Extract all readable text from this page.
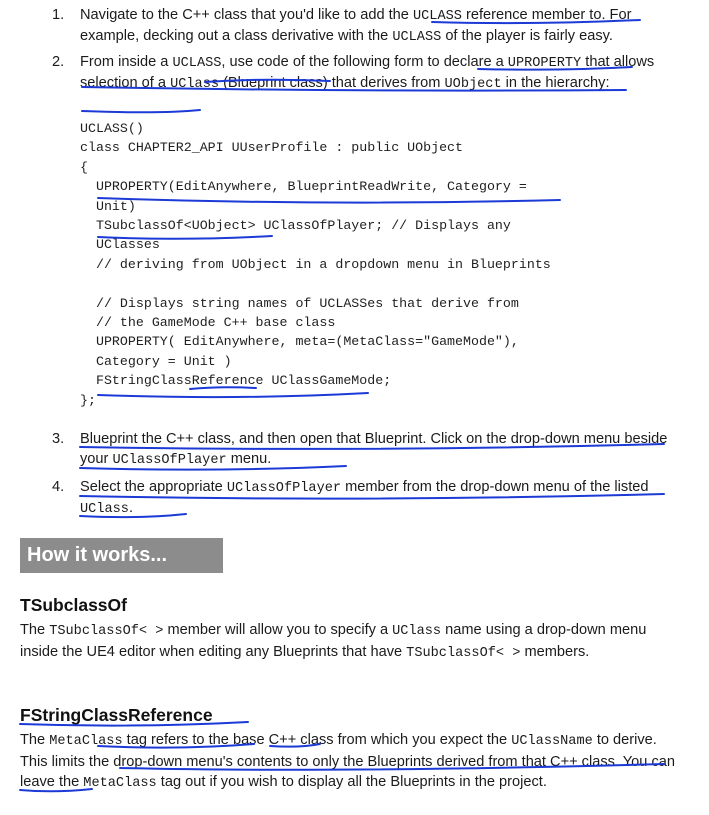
1.	Navigate to the C++ class that you'd like to add the UCLASS reference member to. For example, decking out a class derivative with the UCLASS of the player is fairly easy.
2.	From inside a UCLASS, use code of the following form to declare a UPROPERTY that allows selection of a UClass (Blueprint class) that derives from UObject in the hierarchy:
UCLASS()
class CHAPTER2_API UUserProfile : public UObject
{
UPROPERTY(EditAnywhere, BlueprintReadWrite, Category =
Unit)
TSubclassOf<UObject> UClassOfPlayer; // Displays any
UClasses
// deriving from UObject in a dropdown menu in Blueprints
// Displays string names of UCLASSes that derive from
// the GameMode C++ base class
UPROPERTY( EditAnywhere, meta=(MetaClass="GameMode"),
Category = Unit )
FStringClassReference UClassGameMode;
};
3.	Blueprint the C++ class, and then open that Blueprint. Click on the drop-down menu beside your UClassOfPlayer menu.
4.	Select the appropriate UClassOfPlayer member from the drop-down menu of the listed UClass.
How it works...
TSubclassOf
The TSubclassOf< > member will allow you to specify a UClass name using a drop-down menu inside the UE4 editor when editing any Blueprints that have TSubclassOf< > members.
FStringClassReference
The MetaClass tag refers to the base C++ class from which you expect the UClassName to derive. This limits the drop-down menu's contents to only the Blueprints derived from that C++ class. You can leave the MetaClass tag out if you wish to display all the Blueprints in the project.
